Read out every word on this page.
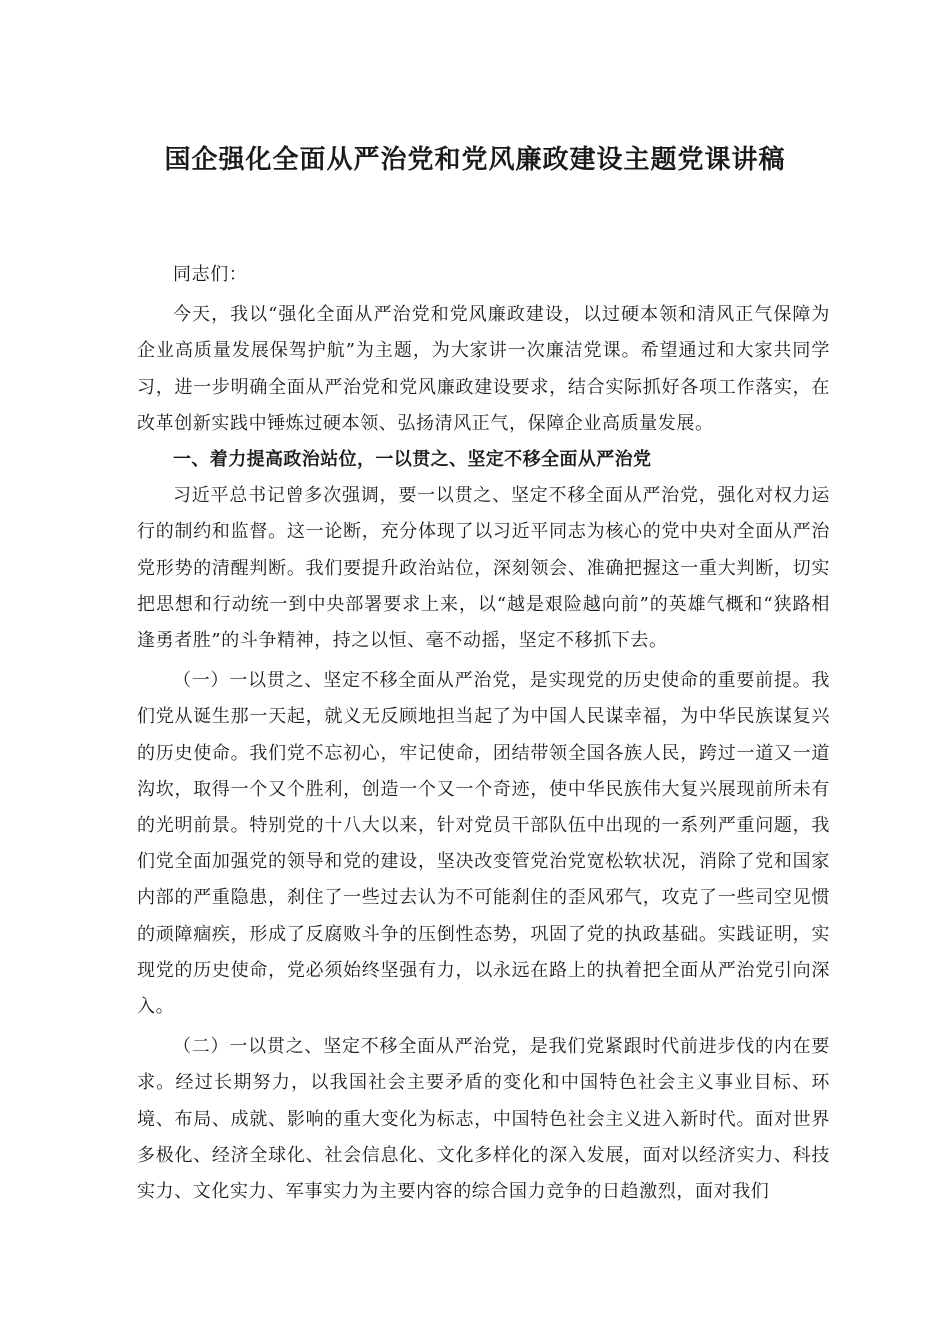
国企强化全面从严治党和党风廉政建设主题党课讲稿

同志们：

今天，我以“强化全面从严治党和党风廉政建设，以过硬本领和清风正气保障为企业高质量发展保驾护航”为主题，为大家讲一次廉洁党课。希望通过和大家共同学习，进一步明确全面从严治党和党风廉政建设要求，结合实际抓好各项工作落实，在改革创新实践中锤炼过硬本领、弘扬清风正气，保障企业高质量发展。

一、着力提高政治站位，一以贯之、坚定不移全面从严治党

习近平总书记曾多次强调，要一以贯之、坚定不移全面从严治党，强化对权力运行的制约和监督。这一论断，充分体现了以习近平同志为核心的党中央对全面从严治党形势的清醒判断。我们要提升政治站位，深刻领会、准确把握这一重大判断，切实把思想和行动统一到中央部署要求上来，以“越是艰险越向前”的英雄气概和“狭路相逢勇者胜”的斗争精神，持之以恒、毫不动摇，坚定不移抓下去。

（一）一以贯之、坚定不移全面从严治党，是实现党的历史使命的重要前提。我们党从诞生那一天起，就义无反顾地担当起了为中国人民谋幸福，为中华民族谋复兴的历史使命。我们党不忘初心，牢记使命，团结带领全国各族人民，跨过一道又一道沟坎，取得一个又个胜利，创造一个又一个奇迹，使中华民族伟大复兴展现前所未有的光明前景。特别党的十八大以来，针对党员干部队伍中出现的一系列严重问题，我们党全面加强党的领导和党的建设，坚决改变管党治党宽松软状况，消除了党和国家内部的严重隐患，刹住了一些过去认为不可能刹住的歪风邪气，攻克了一些司空见惯的顽障痼疾，形成了反腐败斗争的压倒性态势，巩固了党的执政基础。实践证明，实现党的历史使命，党必须始终坚强有力，以永远在路上的执着把全面从严治党引向深入。

（二）一以贯之、坚定不移全面从严治党，是我们党紧跟时代前进步伐的内在要求。经过长期努力，以我国社会主要矛盾的变化和中国特色社会主义事业目标、环境、布局、成就、影响的重大变化为标志，中国特色社会主义进入新时代。面对世界多极化、经济全球化、社会信息化、文化多样化的深入发展，面对以经济实力、科技实力、文化实力、军事实力为主要内容的综合国力竞争的日趋激烈，面对我们
